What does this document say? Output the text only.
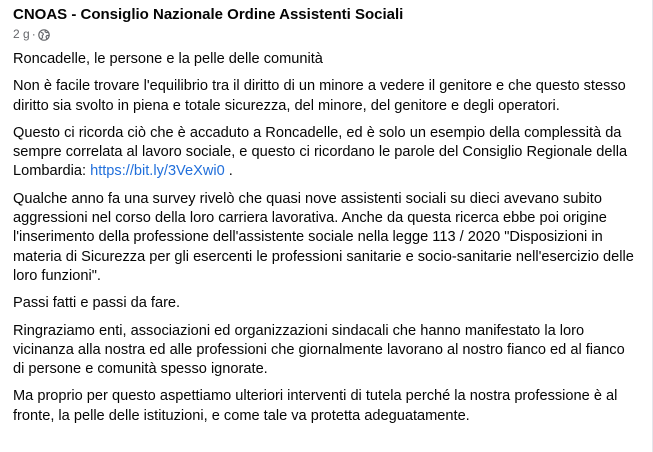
CNOAS - Consiglio Nazionale Ordine Assistenti Sociali
2 g ·

Roncadelle, le persone e la pelle delle comunità

Non è facile trovare l'equilibrio tra il diritto di un minore a vedere il genitore e che questo stesso diritto sia svolto in piena e totale sicurezza, del minore, del genitore e degli operatori.

Questo ci ricorda ciò che è accaduto a Roncadelle, ed è solo un esempio della complessità da sempre correlata al lavoro sociale, e questo ci ricordano le parole del Consiglio Regionale della Lombardia: https://bit.ly/3VeXwi0 .

Qualche anno fa una survey rivelò che quasi nove assistenti sociali su dieci avevano subito aggressioni nel corso della loro carriera lavorativa. Anche da questa ricerca ebbe poi origine l'inserimento della professione dell'assistente sociale nella legge 113 / 2020 "Disposizioni in materia di Sicurezza per gli esercenti le professioni sanitarie e socio-sanitarie nell'esercizio delle loro funzioni".

Passi fatti e passi da fare.

Ringraziamo enti, associazioni ed organizzazioni sindacali che hanno manifestato la loro vicinanza alla nostra ed alle professioni che giornalmente lavorano al nostro fianco ed al fianco di persone e comunità spesso ignorate.

Ma proprio per questo aspettiamo ulteriori interventi di tutela perché la nostra professione è al fronte, la pelle delle istituzioni, e come tale va protetta adeguatamente.
